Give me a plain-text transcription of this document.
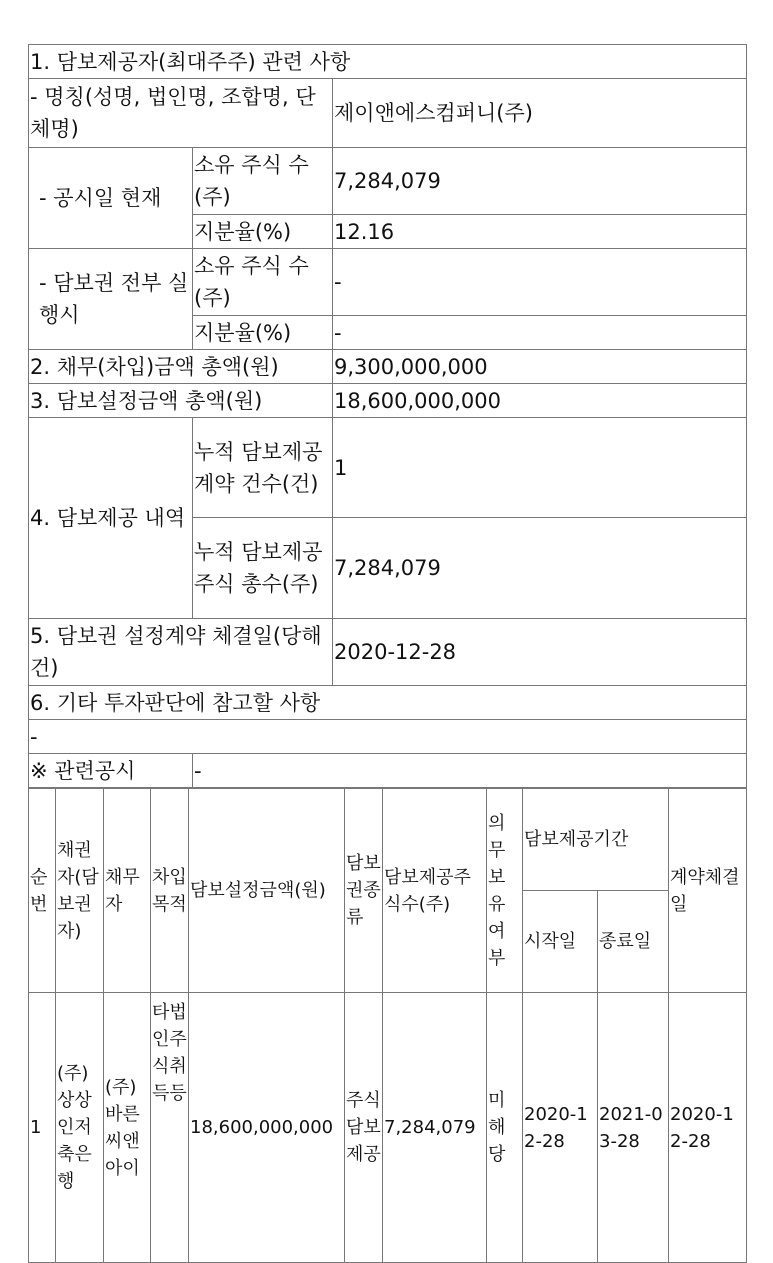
1. 담보제공자(최대주주) 관련 사항		
- 명칭(성명, 법인명, 조합명, 단체명)		제이앤에스컴퍼니(주)
- 공시일 현재	소유 주식 수(주)	7,284,079
	지분율(%)	12.16
- 담보권 전부 실행시	소유 주식 수(주)	-
	지분율(%)	-
2. 채무(차입)금액 총액(원)		9,300,000,000
3. 담보설정금액 총액(원)		18,600,000,000
4. 담보제공 내역	누적 담보제공 계약 건수(건)	1
	누적 담보제공 주식 총수(주)	7,284,079
5. 담보권 설정계약 체결일(당해 건)		2020-12-28
6. 기타 투자판단에 참고할 사항		
-		
※ 관련공시	-	
순번	채권자(담보권자)	채무자	차입목적	담보설정금액(원)	담보권종류	담보제공주식수(주)	의무보유여부	담보제공기간		계약체결일
								시작일	종료일	
1	(주)상상인저축은행	(주)바른씨앤아이	타법인주식취득등	18,600,000,000	주식담보제공	7,284,079	미해당	2020-12-28	2021-03-28	2020-12-28
